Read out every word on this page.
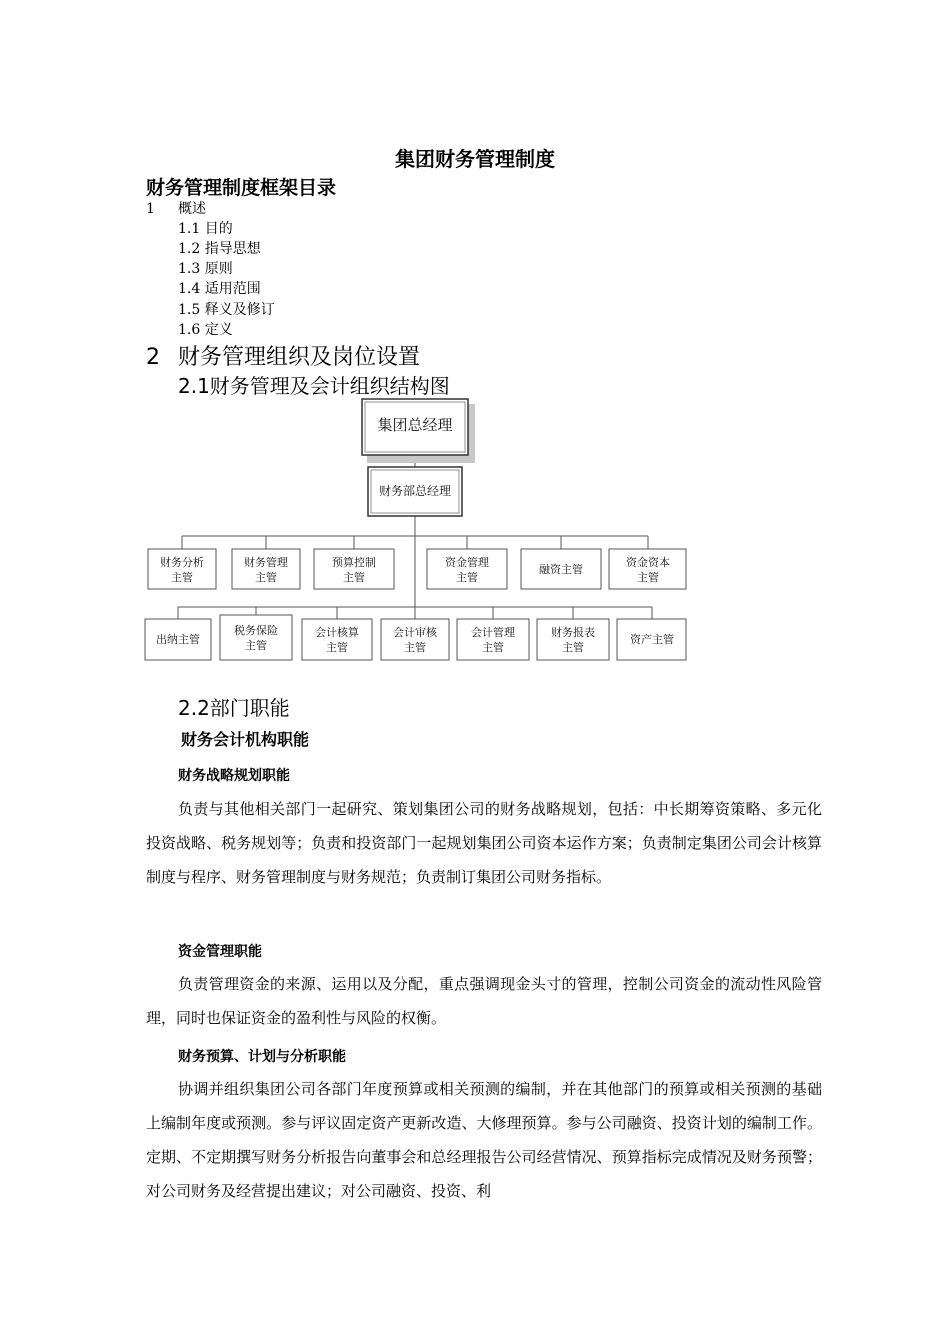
集团财务管理制度
财务管理制度框架目录
1 概述
1.1 目的
1.2 指导思想
1.3 原则
1.4 适用范围
1.5 释义及修订
1.6 定义
2 财务管理组织及岗位设置
2.1财务管理及会计组织结构图
集团总经理
财务部总经理
财务分析
主管
财务管理
主管
预算控制
主管
资金管理
主管
融资主管
资金资本
主管
出纳主管
税务保险
主管
会计核算
主管
会计审核
主管
会计管理
主管
财务报表
主管
资产主管
2.2部门职能
财务会计机构职能
财务战略规划职能
负责与其他相关部门一起研究、策划集团公司的财务战略规划，包括：中长期筹资策略、多元化投资战略、税务规划等；负责和投资部门一起规划集团公司资本运作方案；负责制定集团公司会计核算制度与程序、财务管理制度与财务规范；负责制订集团公司财务指标。
资金管理职能
负责管理资金的来源、运用以及分配，重点强调现金头寸的管理，控制公司资金的流动性风险管理，同时也保证资金的盈利性与风险的权衡。
财务预算、计划与分析职能
协调并组织集团公司各部门年度预算或相关预测的编制，并在其他部门的预算或相关预测的基础上编制年度或预测。参与评议固定资产更新改造、大修理预算。参与公司融资、投资计划的编制工作。定期、不定期撰写财务分析报告向董事会和总经理报告公司经营情况、预算指标完成情况及财务预警；对公司财务及经营提出建议；对公司融资、投资、利
